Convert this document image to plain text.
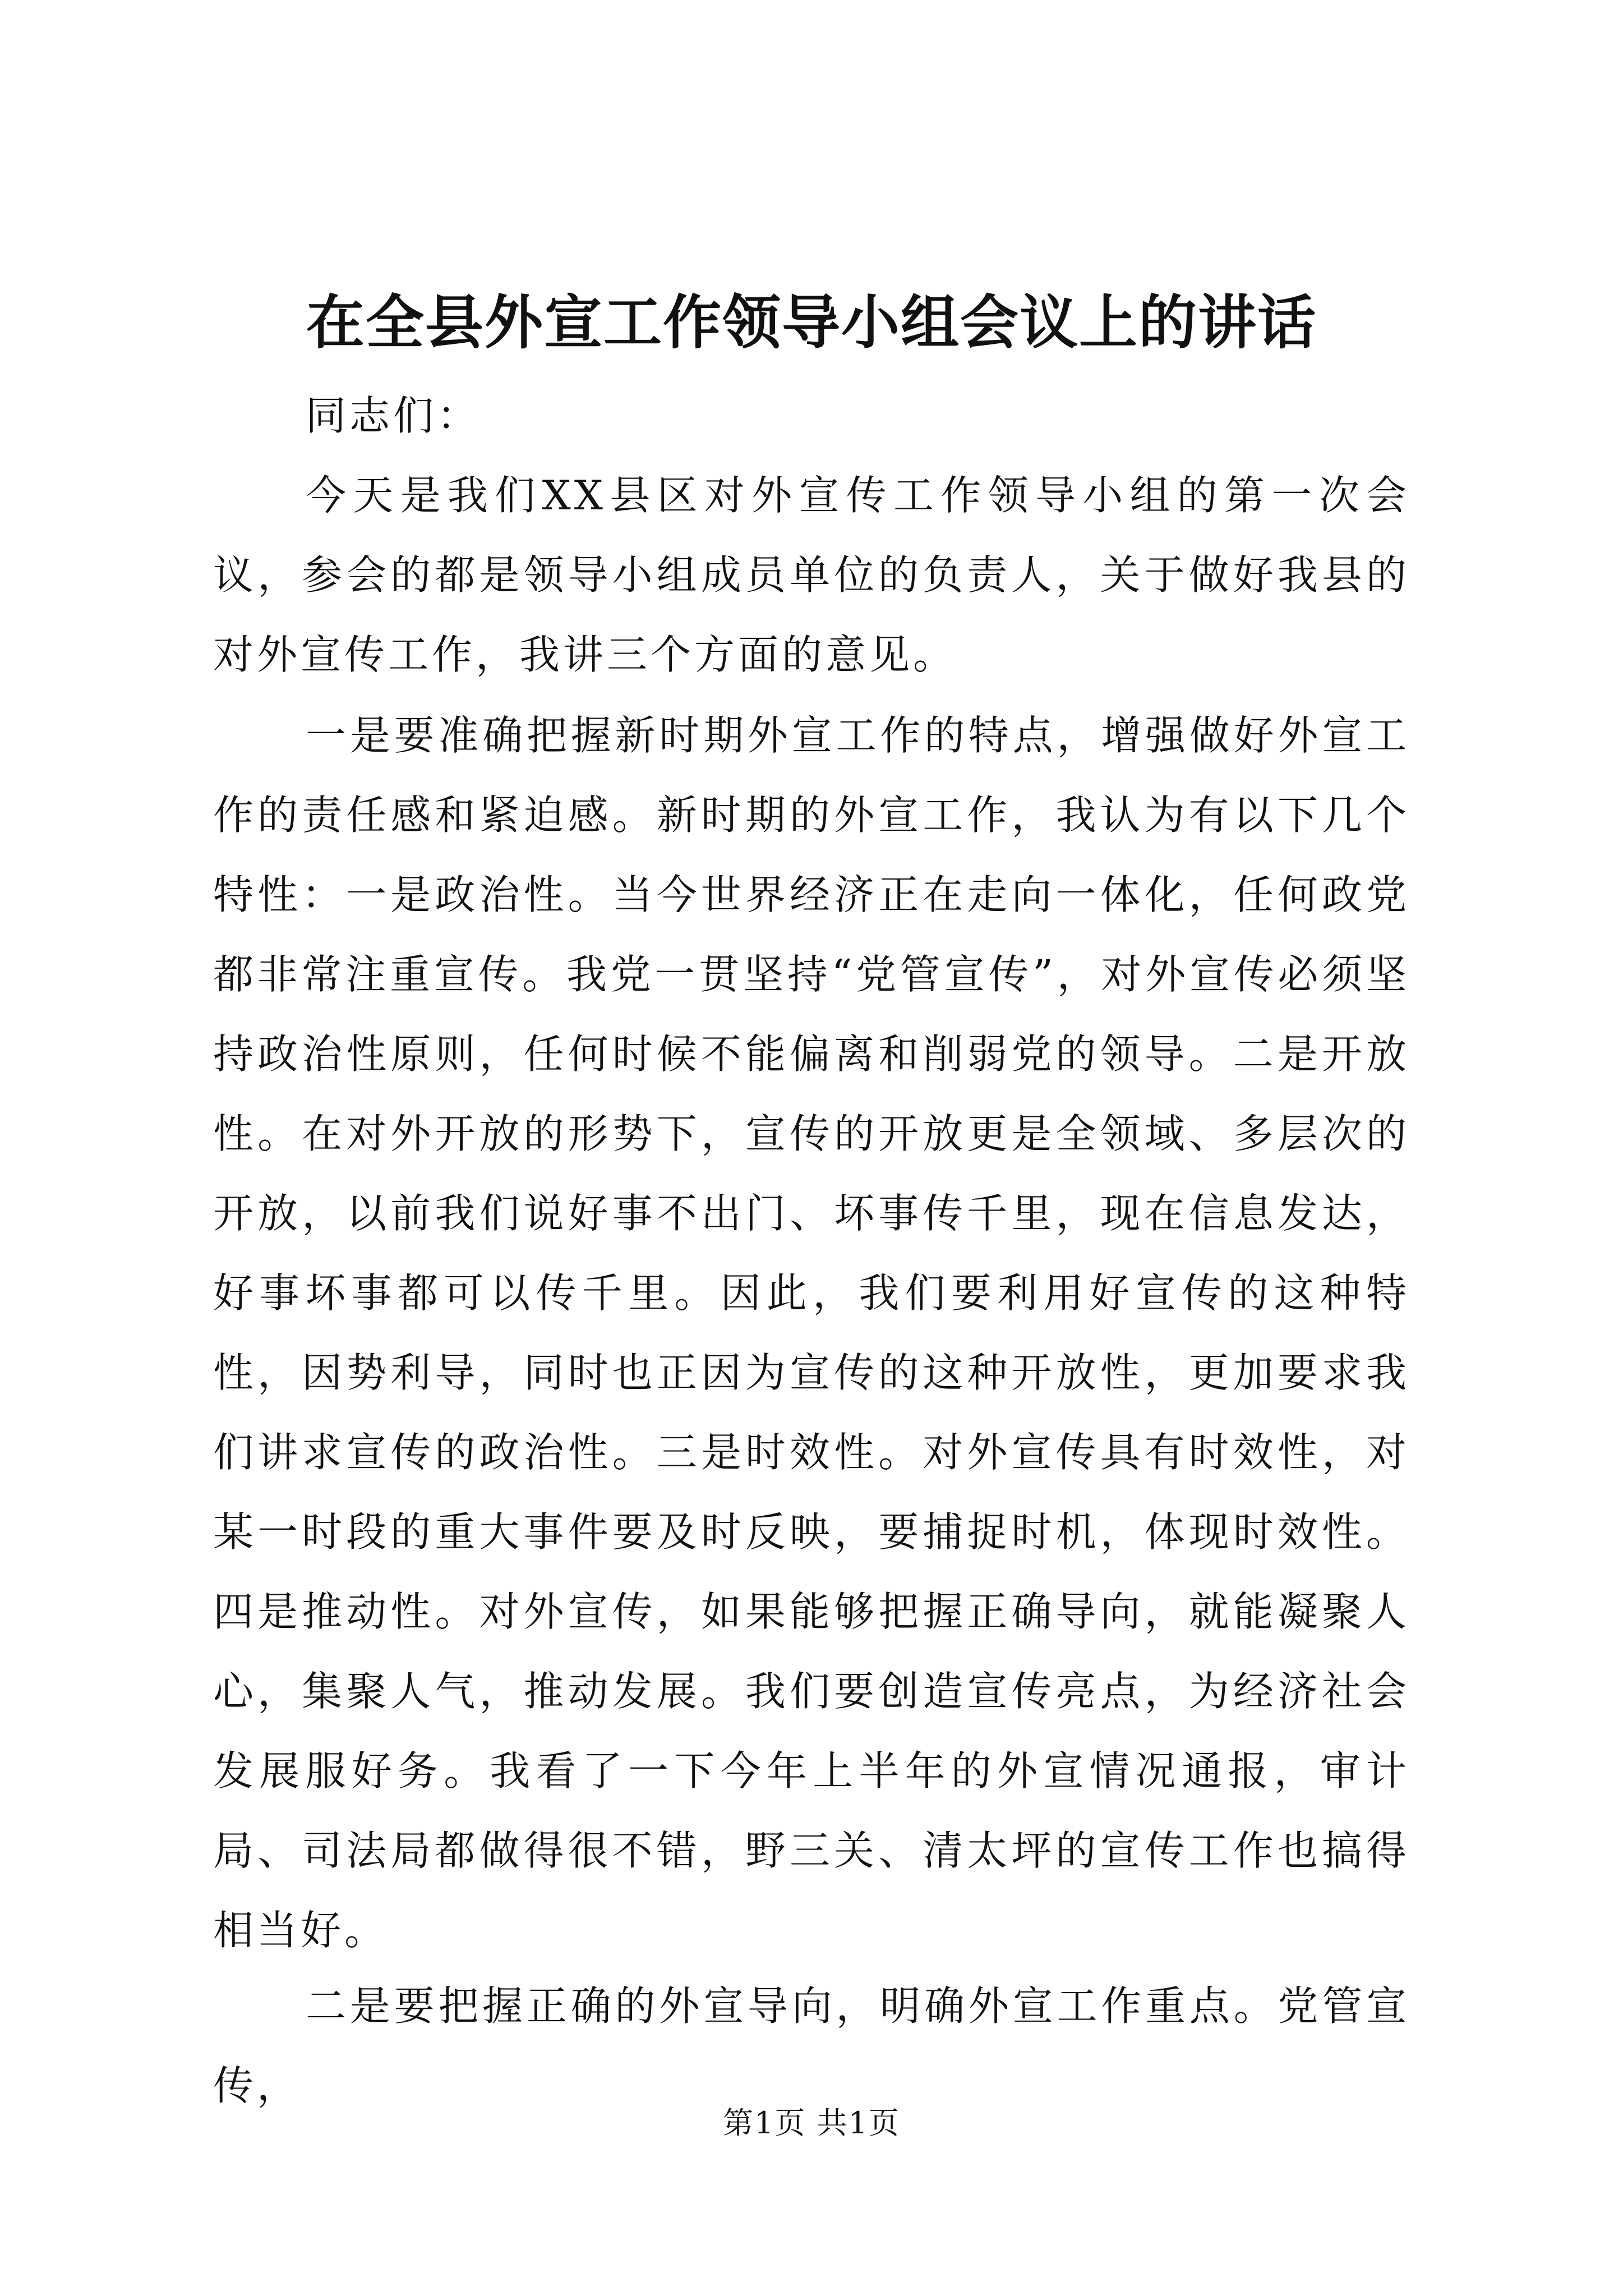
在全县外宣工作领导小组会议上的讲话
同志们：
今天是我们XX县区对外宣传工作领导小组的第一次会议，参会的都是领导小组成员单位的负责人，关于做好我县的对外宣传工作，我讲三个方面的意见。
一是要准确把握新时期外宣工作的特点，增强做好外宣工作的责任感和紧迫感。新时期的外宣工作，我认为有以下几个特性：一是政治性。当今世界经济正在走向一体化，任何政党都非常注重宣传。我党一贯坚持“党管宣传”，对外宣传必须坚持政治性原则，任何时候不能偏离和削弱党的领导。二是开放性。在对外开放的形势下，宣传的开放更是全领域、多层次的开放，以前我们说好事不出门、坏事传千里，现在信息发达，好事坏事都可以传千里。因此，我们要利用好宣传的这种特性，因势利导，同时也正因为宣传的这种开放性，更加要求我们讲求宣传的政治性。三是时效性。对外宣传具有时效性，对某一时段的重大事件要及时反映，要捕捉时机，体现时效性。四是推动性。对外宣传，如果能够把握正确导向，就能凝聚人心，集聚人气，推动发展。我们要创造宣传亮点，为经济社会发展服好务。我看了一下今年上半年的外宣情况通报，审计局、司法局都做得很不错，野三关、清太坪的宣传工作也搞得相当好。
二是要把握正确的外宣导向，明确外宣工作重点。党管宣传，
第1页 共1页
